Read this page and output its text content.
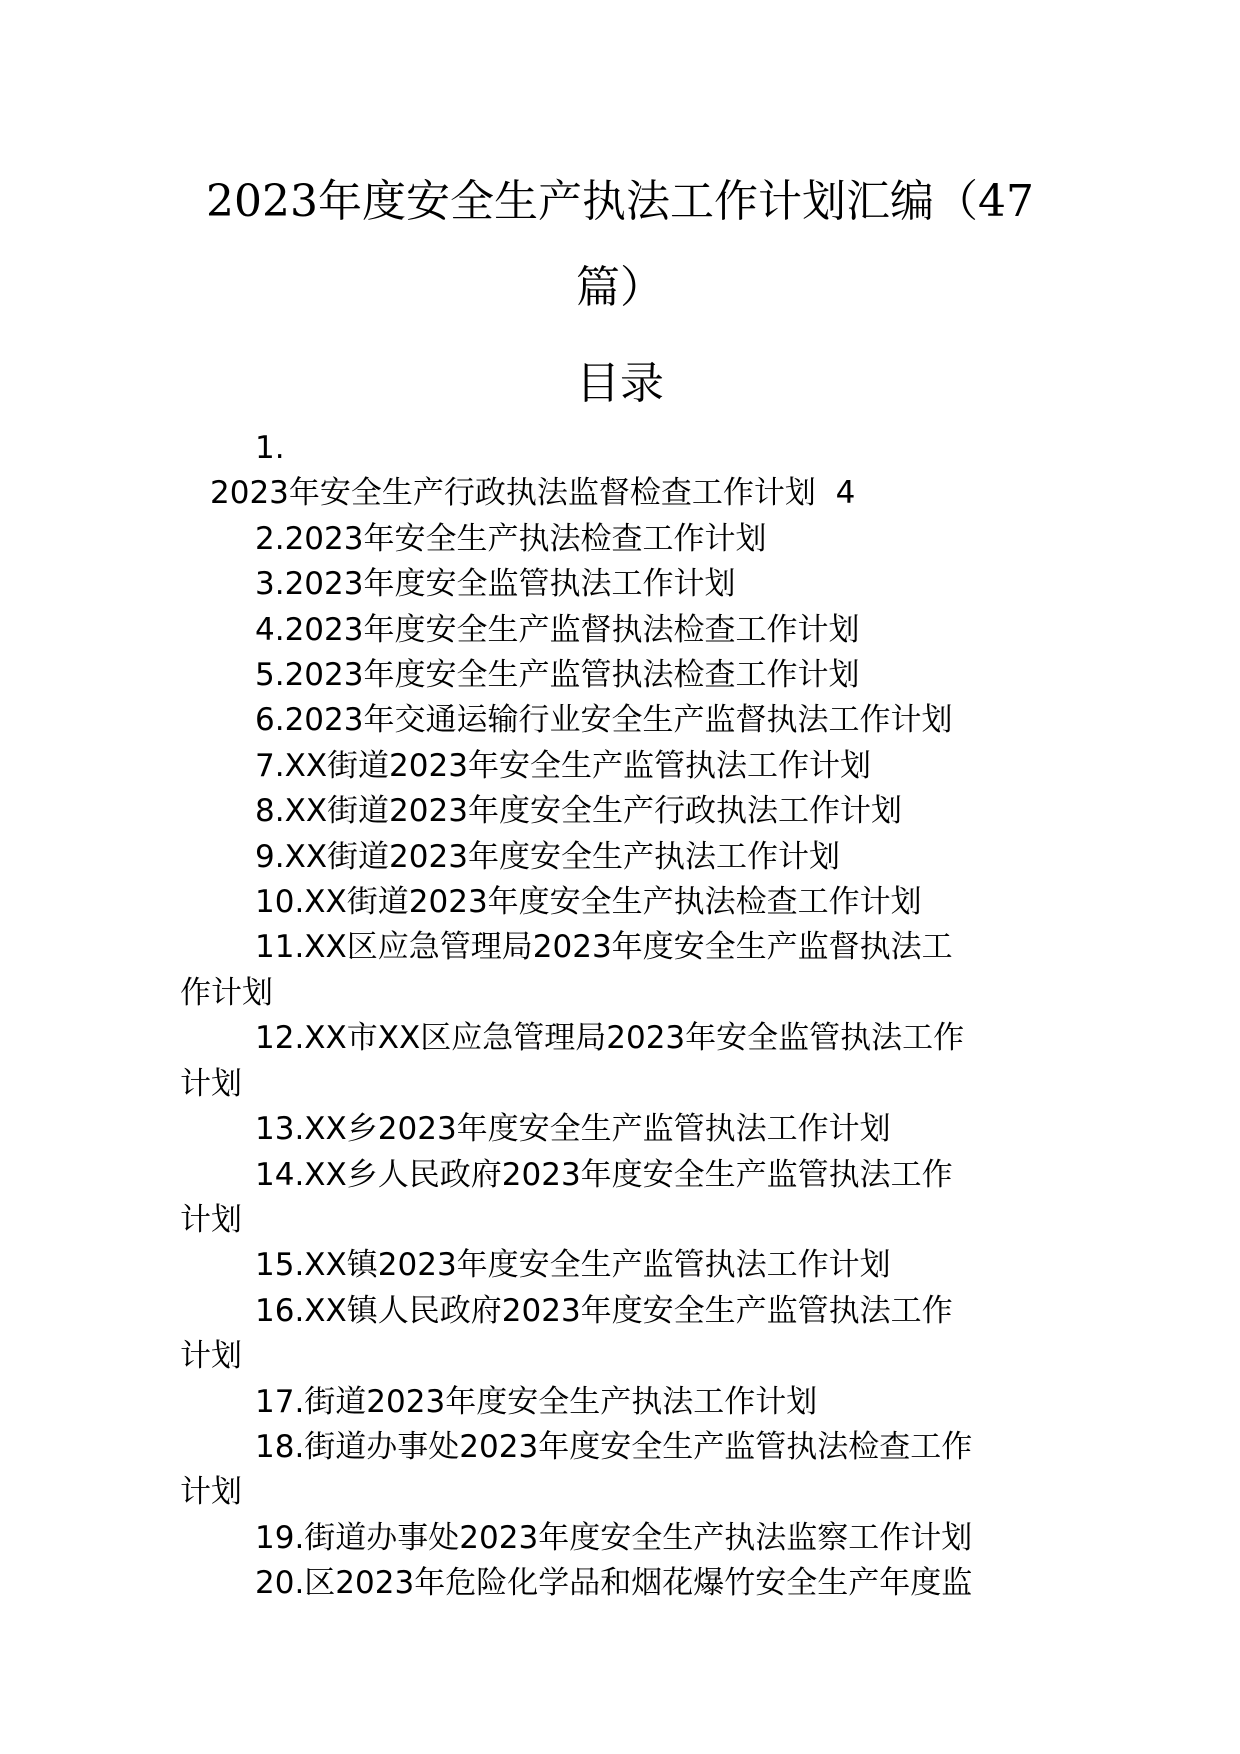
2023年度安全生产执法工作计划汇编（47
篇）
目录
1.
2023年安全生产行政执法监督检查工作计划 4
2.2023年安全生产执法检查工作计划
3.2023年度安全监管执法工作计划
4.2023年度安全生产监督执法检查工作计划
5.2023年度安全生产监管执法检查工作计划
6.2023年交通运输行业安全生产监督执法工作计划
7.XX街道2023年安全生产监管执法工作计划
8.XX街道2023年度安全生产行政执法工作计划
9.XX街道2023年度安全生产执法工作计划
10.XX街道2023年度安全生产执法检查工作计划
11.XX区应急管理局2023年度安全生产监督执法工
作计划
12.XX市XX区应急管理局2023年安全监管执法工作
计划
13.XX乡2023年度安全生产监管执法工作计划
14.XX乡人民政府2023年度安全生产监管执法工作
计划
15.XX镇2023年度安全生产监管执法工作计划
16.XX镇人民政府2023年度安全生产监管执法工作
计划
17.街道2023年度安全生产执法工作计划
18.街道办事处2023年度安全生产监管执法检查工作
计划
19.街道办事处2023年度安全生产执法监察工作计划
20.区2023年危险化学品和烟花爆竹安全生产年度监
